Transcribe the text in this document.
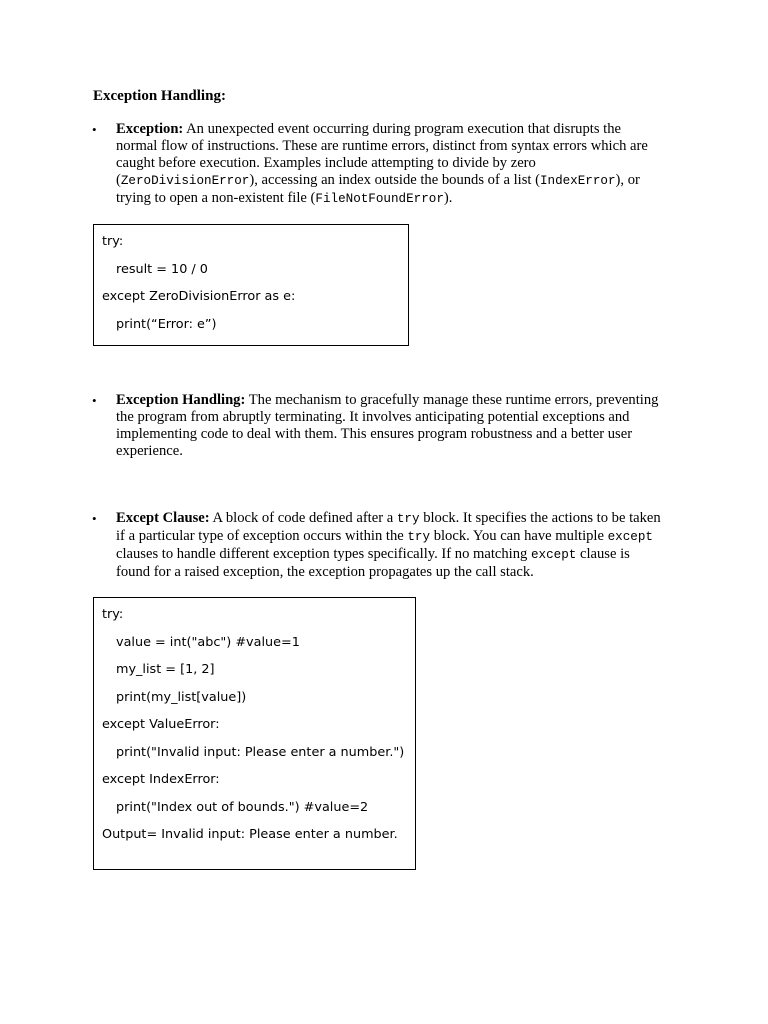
Exception Handling:
•	Exception: An unexpected event occurring during program execution that disrupts the normal flow of instructions. These are runtime errors, distinct from syntax errors which are caught before execution. Examples include attempting to divide by zero (ZeroDivisionError), accessing an index outside the bounds of a list (IndexError), or trying to open a non-existent file (FileNotFoundError).
try:
result = 10 / 0
except ZeroDivisionError as e:
print(“Error: e”)
•	Exception Handling: The mechanism to gracefully manage these runtime errors, preventing the program from abruptly terminating. It involves anticipating potential exceptions and implementing code to deal with them. This ensures program robustness and a better user experience.
•	Except Clause: A block of code defined after a try block. It specifies the actions to be taken if a particular type of exception occurs within the try block. You can have multiple except clauses to handle different exception types specifically. If no matching except clause is found for a raised exception, the exception propagates up the call stack.
try:
value = int("abc") #value=1
my_list = [1, 2]
print(my_list[value])
except ValueError:
print("Invalid input: Please enter a number.")
except IndexError:
print("Index out of bounds.") #value=2
Output= Invalid input: Please enter a number.
